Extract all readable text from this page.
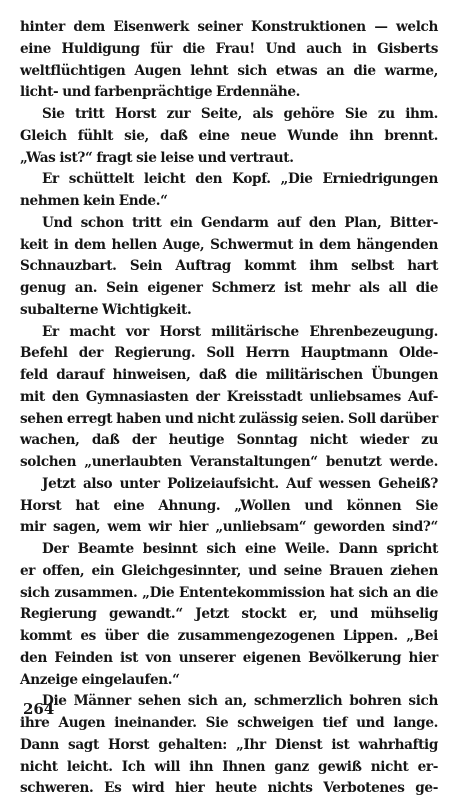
hinter dem Eisenwerk seiner Konstruktionen — welch
eine Huldigung für die Frau! Und auch in Gisberts
weltflüchtigen Augen lehnt sich etwas an die warme,
licht- und farbenprächtige Erdennähe.
Sie tritt Horst zur Seite, als gehöre Sie zu ihm.
Gleich fühlt sie, daß eine neue Wunde ihn brennt.
„Was ist?“ fragt sie leise und vertraut.
Er schüttelt leicht den Kopf. „Die Erniedrigungen
nehmen kein Ende.“
Und schon tritt ein Gendarm auf den Plan, Bitter-
keit in dem hellen Auge, Schwermut in dem hängenden
Schnauzbart. Sein Auftrag kommt ihm selbst hart
genug an. Sein eigener Schmerz ist mehr als all die
subalterne Wichtigkeit.
Er macht vor Horst militärische Ehrenbezeugung.
Befehl der Regierung. Soll Herrn Hauptmann Olde-
feld darauf hinweisen, daß die militärischen Übungen
mit den Gymnasiasten der Kreisstadt unliebsames Auf-
sehen erregt haben und nicht zulässig seien. Soll darüber
wachen, daß der heutige Sonntag nicht wieder zu
solchen „unerlaubten Veranstaltungen“ benutzt werde.
Jetzt also unter Polizeiaufsicht. Auf wessen Geheiß?
Horst hat eine Ahnung. „Wollen und können Sie
mir sagen, wem wir hier „unliebsam“ geworden sind?“
Der Beamte besinnt sich eine Weile. Dann spricht
er offen, ein Gleichgesinnter, und seine Brauen ziehen
sich zusammen. „Die Ententekommission hat sich an die
Regierung gewandt.“ Jetzt stockt er, und mühselig
kommt es über die zusammengezogenen Lippen. „Bei
den Feinden ist von unserer eigenen Bevölkerung hier
Anzeige eingelaufen.“
Die Männer sehen sich an, schmerzlich bohren sich
ihre Augen ineinander. Sie schweigen tief und lange.
Dann sagt Horst gehalten: „Ihr Dienst ist wahrhaftig
nicht leicht. Ich will ihn Ihnen ganz gewiß nicht er-
schweren. Es wird hier heute nichts Verbotenes ge-
264
